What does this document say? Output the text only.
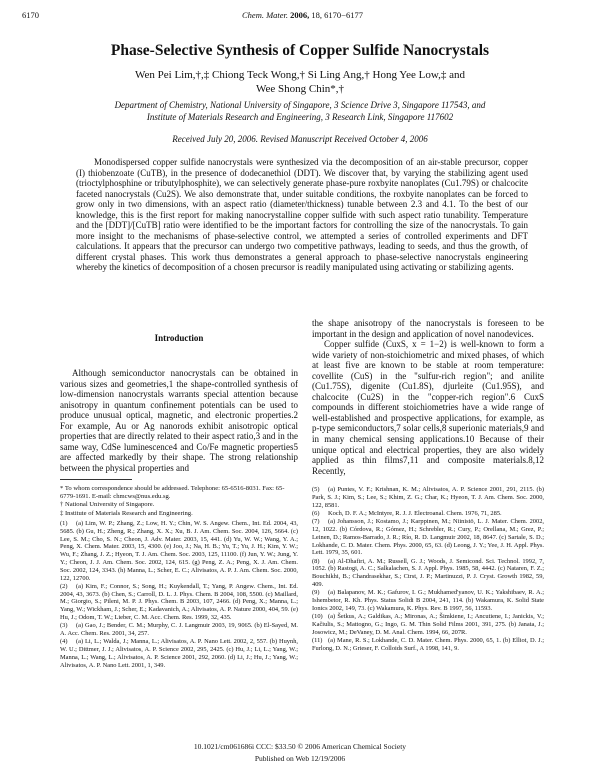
6170	Chem. Mater. 2006, 18, 6170−6177
Phase-Selective Synthesis of Copper Sulfide Nanocrystals
Wen Pei Lim,†,‡ Chiong Teck Wong,† Si Ling Ang,† Hong Yee Low,‡ and
Wee Shong Chin*,†
Department of Chemistry, National University of Singapore, 3 Science Drive 3, Singapore 117543, and
Institute of Materials Research and Engineering, 3 Research Link, Singapore 117602
Received July 20, 2006. Revised Manuscript Received October 4, 2006
Monodispersed copper sulfide nanocrystals were synthesized via the decomposition of an air-stable precursor, copper (I) thiobenzoate (CuTB), in the presence of dodecanethiol (DDT). We discover that, by varying the stabilizing agent used (trioctylphosphine or tributylphosphite), we can selectively generate phase-pure roxbyite nanoplates (Cu1.79S) or chalcocite faceted nanocrystals (Cu2S). We also demonstrate that, under suitable conditions, the roxbyite nanoplates can be forced to grow only in two dimensions, with an aspect ratio (diameter/thickness) tunable between 2.3 and 4.1. To the best of our knowledge, this is the first report for making nanocrystalline copper sulfide with such aspect ratio tunability. Temperature and the [DDT]/[CuTB] ratio were identified to be the important factors for controlling the size of the nanocrystals. To gain more insight to the mechanisms of phase-selective control, we attempted a series of controlled experiments and DFT calculations. It appears that the precursor can undergo two competitive pathways, leading to seeds, and thus the growth, of different crystal phases. This work thus demonstrates a general approach to phase-selective nanocrystals engineering whereby the kinetics of decomposition of a chosen precursor is readily manipulated using activating or stabilizing agents.
Introduction

Although semiconductor nanocrystals can be obtained in various sizes and geometries,1 the shape-controlled synthesis of low-dimension nanocrystals warrants special attention because anisotropy in quantum confinement potentials can be used to produce unusual optical, magnetic, and electronic properties.2 For example, Au or Ag nanorods exhibit anisotropic optical properties that are directly related to their aspect ratio,3 and in the same way, CdSe luminescence4 and Co/Fe magnetic properties5 are affected markedly by their shape. The strong relationship between the physical properties and

the shape anisotropy of the nanocrystals is foreseen to be important in the design and application of novel nanodevices.

Copper sulfide (CuxS, x = 1−2) is well-known to form a wide variety of non-stoichiometric and mixed phases, of which at least five are known to be stable at room temperature: covellite (CuS) in the "sulfur-rich region"; and anilite (Cu1.75S), digenite (Cu1.8S), djurleite (Cu1.95S), and chalcocite (Cu2S) in the "copper-rich region".6 CuxS compounds in different stoichiometries have a wide range of well-established and prospective applications, for example, as p-type semiconductors,7 solar cells,8 superionic materials,9 and in many chemical sensing applications.10 Because of their unique optical and electrical properties, they are also widely applied as thin films7,11 and composite materials.8,12 Recently,

* To whom correspondence should be addressed. Telephone: 65-6516-8031. Fax: 65-6779-1691. E-mail: chmcws@nus.edu.sg.
† National University of Singapore.
‡ Institute of Materials Research and Engineering.
(1) (a) Lim, W. P.; Zhang, Z.; Low, H. Y.; Chin, W. S. Angew. Chem., Int. Ed. 2004, 43, 5685. (b) Gu, H.; Zheng, R.; Zhang, X. X.; Xu, B. J. Am. Chem. Soc. 2004, 126, 5664. (c) Lee, S. M.; Cho, S. N.; Cheon, J. Adv. Mater. 2003, 15, 441. (d) Yu, W. W.; Wang, Y. A.; Peng, X. Chem. Mater. 2003, 15, 4300. (e) Joo, J.; Na, H. B.; Yu, T.; Yu, J. H.; Kim, Y. W.; Wu, F.; Zhang, J. Z.; Hyeon, T. J. Am. Chem. Soc. 2003, 125, 11100. (f) Jun, Y. W.; Jung, Y. Y.; Cheon, J. J. Am. Chem. Soc. 2002, 124, 615. (g) Peng, Z. A.; Peng, X. J. Am. Chem. Soc. 2002, 124, 3343. (h) Manna, L.; Scher, E. C.; Alivisatos, A. P. J. Am. Chem. Soc. 2000, 122, 12700.
(2) (a) Kim, F.; Connor, S.; Song, H.; Kuykendall, T.; Yang, P. Angew. Chem., Int. Ed. 2004, 43, 3673. (b) Chen, S.; Carroll, D. L. J. Phys. Chem. B 2004, 108, 5500. (c) Maillard, M.; Giorgio, S.; Pileni, M. P. J. Phys. Chem. B 2003, 107, 2466. (d) Peng, X.; Manna, L.; Yang, W.; Wickham, J.; Scher, E.; Kadavanich, A.; Alivisatos, A. P. Nature 2000, 404, 59. (e) Hu, J.; Odom, T. W.; Lieber, C. M. Acc. Chem. Res. 1999, 32, 435.
(3) (a) Gao, J.; Bender, C. M.; Murphy, C. J. Langmuir 2003, 19, 9065. (b) El-Sayed, M. A. Acc. Chem. Res. 2001, 34, 257.
(4) (a) Li, L.; Walda, J.; Manna, L.; Alivisatos, A. P. Nano Lett. 2002, 2, 557. (b) Huynh, W. U.; Dittmer, J. J.; Alivisatos, A. P. Science 2002, 295, 2425. (c) Hu, J.; Li, L.; Yang, W.; Manna, L.; Wang, L.; Alivisatos, A. P. Science 2001, 292, 2060. (d) Li, J.; Hu, J.; Yang, W.; Alivisatos, A. P. Nano Lett. 2001, 1, 349.
(5) (a) Puntes, V. F.; Krishnan, K. M.; Alivisatos, A. P. Science 2001, 291, 2115. (b) Park, S. J.; Kim, S.; Lee, S.; Khim, Z. G.; Char, K.; Hyeon, T. J. Am. Chem. Soc. 2000, 122, 8581.
(6) Koch, D. F. A.; McIntyre, R. J. J. Electroanal. Chem. 1976, 71, 285.
(7) (a) Johansson, J.; Kostamo, J.; Karppinen, M.; Niinistö, L. J. Mater. Chem. 2002, 12, 1022. (b) Córdova, R.; Gómez, H.; Schrebler, R.; Cury, P.; Orellana, M.; Grez, P.; Leinen, D.; Ramos-Barrado, J. R.; Río, R. D. Langmuir 2002, 18, 8647. (c) Sartale, S. D.; Lokhande, C. D. Mater. Chem. Phys. 2000, 65, 63. (d) Leong, J. Y.; Yee, J. H. Appl. Phys. Lett. 1979, 35, 601.
(8) (a) Al-Dhafiri, A. M.; Russell, G. J.; Woods, J. Semicond. Sci. Technol. 1992, 7, 1052. (b) Rastogi, A. C.; Salkalachen, S. J. Appl. Phys. 1985, 58, 4442. (c) Nataren, F. Z.; Bouchikhi, B.; Chandrasekhar, S.; Ctrst, J. P.; Martinuzzi, P. J. Cryst. Growth 1982, 59, 409.
(9) (a) Balapanov, M. K.; Gafurov, I. G.; Mukhamed'yanov, U. K.; Yakshibaev, R. A.; Ishembetor, R. Kh. Phys. Status Solidi B 2004, 241, 114. (b) Wakamura, K. Solid State Ionics 2002, 149, 73. (c) Wakamura, K. Phys. Rev. B 1997, 56, 11593.
(10) (a) Šetkus, A.; Galdikas, A.; Mironas, A.; Šimkiene, I.; Ancutiene, I.; Janickis, V.; Kačiulis, S.; Mattogno, G.; Ingo, G. M. Thin Solid Films 2001, 391, 275. (b) Janata, J.; Josowicz, M.; DeVaney, D. M. Anal. Chem. 1994, 66, 207R.
(11) (a) Mane, R. S.; Lokhande, C. D. Mater. Chem. Phys. 2000, 65, 1. (b) Elliot, D. J.; Furlong, D. N.; Grieser, F. Colloids Surf., A 1998, 141, 9.
10.1021/cm061686i CCC: $33.50 © 2006 American Chemical Society
Published on Web 12/19/2006
